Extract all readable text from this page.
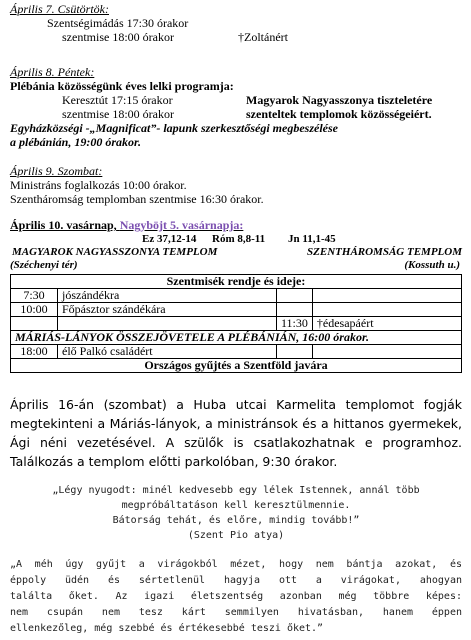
Április 7. Csütörtök:
Szentségimádás 17:30 órakor
szentmise 18:00 órakor	†Zoltánért
Április 8. Péntek:
Plébánia közösségünk éves lelki programja:
Keresztút 17:15 órakor	Magyarok Nagyasszonya tiszteletére
szentmise 18:00 órakor	szenteltek templomok közösségeiért.
Egyházközségi -„Magnificat”- lapunk szerkesztőségi megbeszélése
a plébánián, 19:00 órakor.
Április 9. Szombat:
Ministráns foglalkozás 10:00 órakor.
Szentháromság templomban szentmise 16:30 órakor.
Április 10. vasárnap, Nagyböjt 5. vasárnapja:
Ez 37,12-14 Róm 8,8-11 Jn 11,1-45
MAGYAROK NAGYASSZONYA TEMPLOM	SZENTHÁROMSÁG TEMPLOM
(Széchenyi tér)	(Kossuth u.)
Szentmisék rendje és ideje:			
7:30	jószándékra		
10:00	Főpásztor szándékára		
		11:30	†édesapáért
MÁRIÁS-LÁNYOK ÖSSZEJÖVETELE A PLÉBÁNIÁN, 16:00 órakor.			
18:00	élő Palkó családért		
Országos gyűjtés a Szentföld javára			
Április 16-án (szombat) a Huba utcai Karmelita templomot fogják megtekinteni a Máriás-lányok, a ministránsok és a hittanos gyermekek, Ági néni vezetésével. A szülők is csatlakozhatnak e programhoz. Találkozás a templom előtti parkolóban, 9:30 órakor.
„Légy nyugodt: minél kedvesebb egy lélek Istennek, annál több
megpróbáltatáson kell keresztülmennie.
Bátorság tehát, és előre, mindig tovább!”
(Szent Pio atya)
„A méh úgy gyűjt a virágokból mézet, hogy nem bántja azokat, és
éppoly üdén és sértetlenül hagyja ott a virágokat, ahogyan
találta őket. Az igazi életszentség azonban még többre képes:
nem csupán nem tesz kárt semmilyen hivatásban, hanem éppen
ellenkezőleg, még szebbé és értékesebbé teszi őket.”
